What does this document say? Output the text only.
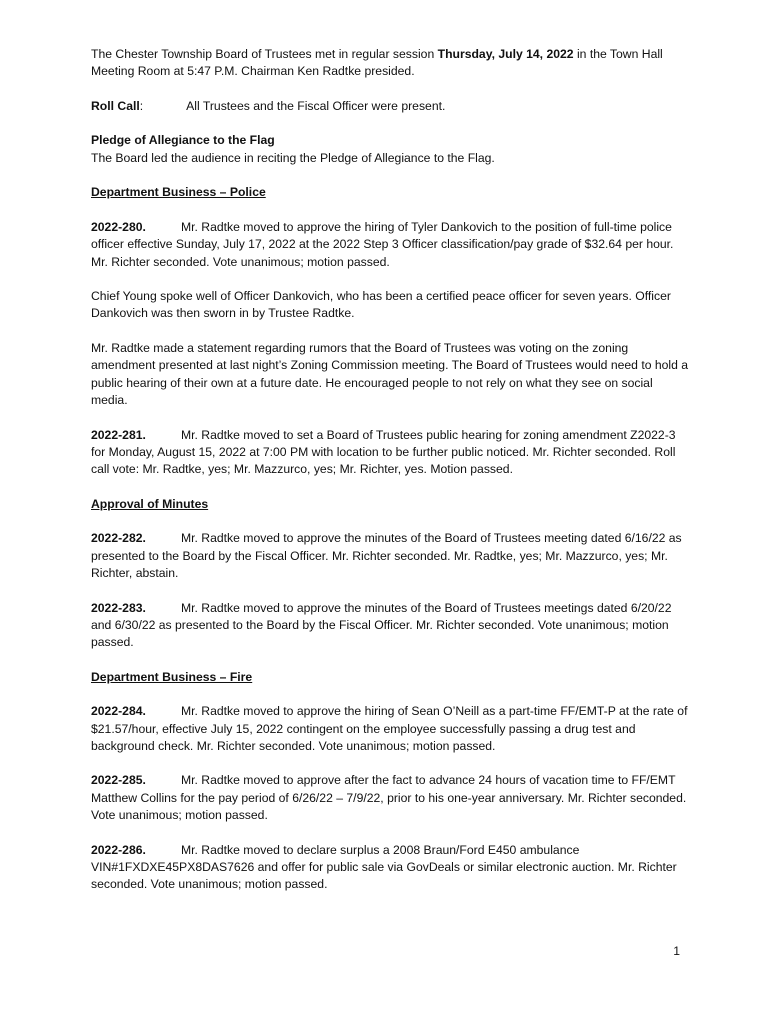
The Chester Township Board of Trustees met in regular session Thursday, July 14, 2022 in the Town Hall Meeting Room at 5:47 P.M. Chairman Ken Radtke presided.

Roll Call:	All Trustees and the Fiscal Officer were present.

Pledge of Allegiance to the Flag
The Board led the audience in reciting the Pledge of Allegiance to the Flag.

Department Business – Police

2022-280.	Mr. Radtke moved to approve the hiring of Tyler Dankovich to the position of full-time police officer effective Sunday, July 17, 2022 at the 2022 Step 3 Officer classification/pay grade of $32.64 per hour. Mr. Richter seconded. Vote unanimous; motion passed.

Chief Young spoke well of Officer Dankovich, who has been a certified peace officer for seven years. Officer Dankovich was then sworn in by Trustee Radtke.

Mr. Radtke made a statement regarding rumors that the Board of Trustees was voting on the zoning amendment presented at last night’s Zoning Commission meeting. The Board of Trustees would need to hold a public hearing of their own at a future date. He encouraged people to not rely on what they see on social media.

2022-281.	Mr. Radtke moved to set a Board of Trustees public hearing for zoning amendment Z2022-3 for Monday, August 15, 2022 at 7:00 PM with location to be further public noticed. Mr. Richter seconded. Roll call vote: Mr. Radtke, yes; Mr. Mazzurco, yes; Mr. Richter, yes. Motion passed.

Approval of Minutes

2022-282.	Mr. Radtke moved to approve the minutes of the Board of Trustees meeting dated 6/16/22 as presented to the Board by the Fiscal Officer. Mr. Richter seconded. Mr. Radtke, yes; Mr. Mazzurco, yes; Mr. Richter, abstain.

2022-283.	Mr. Radtke moved to approve the minutes of the Board of Trustees meetings dated 6/20/22 and 6/30/22 as presented to the Board by the Fiscal Officer. Mr. Richter seconded. Vote unanimous; motion passed.

Department Business – Fire

2022-284.	Mr. Radtke moved to approve the hiring of Sean O’Neill as a part-time FF/EMT-P at the rate of $21.57/hour, effective July 15, 2022 contingent on the employee successfully passing a drug test and background check. Mr. Richter seconded. Vote unanimous; motion passed.

2022-285.	Mr. Radtke moved to approve after the fact to advance 24 hours of vacation time to FF/EMT Matthew Collins for the pay period of 6/26/22 – 7/9/22, prior to his one-year anniversary. Mr. Richter seconded. Vote unanimous; motion passed.

2022-286.	Mr. Radtke moved to declare surplus a 2008 Braun/Ford E450 ambulance VIN#1FXDXE45PX8DAS7626 and offer for public sale via GovDeals or similar electronic auction. Mr. Richter seconded. Vote unanimous; motion passed.

1
